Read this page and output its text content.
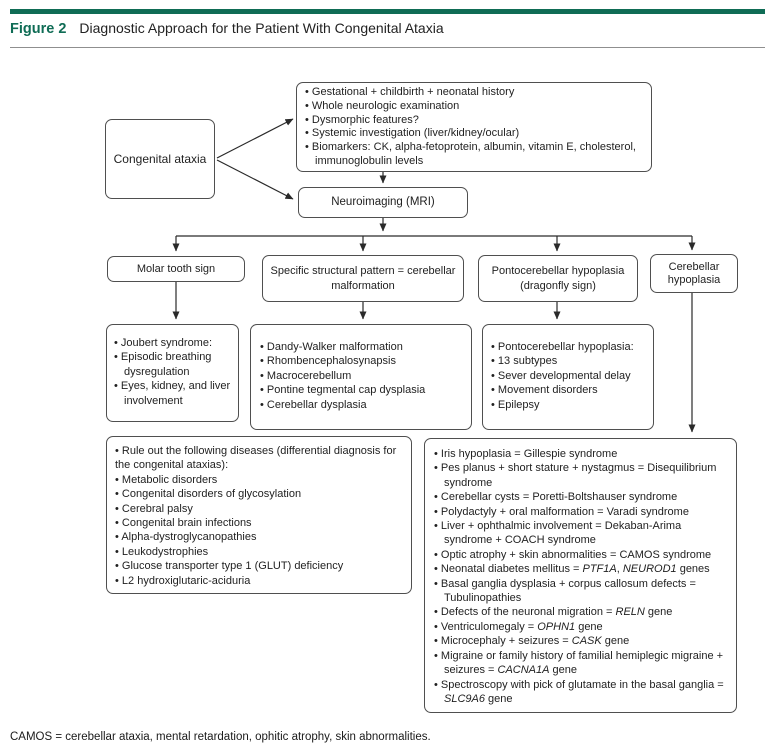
Figure 2 Diagnostic Approach for the Patient With Congenital Ataxia
Congenital ataxia
• Gestational + childbirth + neonatal history
• Whole neurologic examination
• Dysmorphic features?
• Systemic investigation (liver/kidney/ocular)
• Biomarkers: CK, alpha-fetoprotein, albumin, vitamin E, cholesterol, immunoglobulin levels
Neuroimaging (MRI)
Molar tooth sign	Specific structural pattern = cerebellar malformation
Pontocerebellar hypoplasia (dragonfly sign)
Cerebellar hypoplasia
• Joubert syndrome:
• Episodic breathing dysregulation
• Eyes, kidney, and liver involvement
• Dandy-Walker malformation
• Rhombencephalosynapsis
• Macrocerebellum
• Pontine tegmental cap dysplasia
• Cerebellar dysplasia
• Pontocerebellar hypoplasia:
• 13 subtypes
• Sever developmental delay
• Movement disorders
• Epilepsy
• Rule out the following diseases (differential diagnosis for the congenital ataxias):
• Metabolic disorders
• Congenital disorders of glycosylation
• Cerebral palsy
• Congenital brain infections
• Alpha-dystroglycanopathies
• Leukodystrophies
• Glucose transporter type 1 (GLUT) deficiency
• L2 hydroxiglutaric-aciduria
• Iris hypoplasia = Gillespie syndrome
• Pes planus + short stature + nystagmus = Disequilibrium syndrome
• Cerebellar cysts = Poretti-Boltshauser syndrome
• Polydactyly + oral malformation = Varadi syndrome
• Liver + ophthalmic involvement = Dekaban-Arima syndrome + COACH syndrome
• Optic atrophy + skin abnormalities = CAMOS syndrome
• Neonatal diabetes mellitus = PTF1A, NEUROD1 genes
• Basal ganglia dysplasia + corpus callosum defects = Tubulinopathies
• Defects of the neuronal migration = RELN gene
• Ventriculomegaly = OPHN1 gene
• Microcephaly + seizures = CASK gene
• Migraine or family history of familial hemiplegic migraine + seizures = CACNA1A gene
• Spectroscopy with pick of glutamate in the basal ganglia = SLC9A6 gene
CAMOS = cerebellar ataxia, mental retardation, ophitic atrophy, skin abnormalities.
